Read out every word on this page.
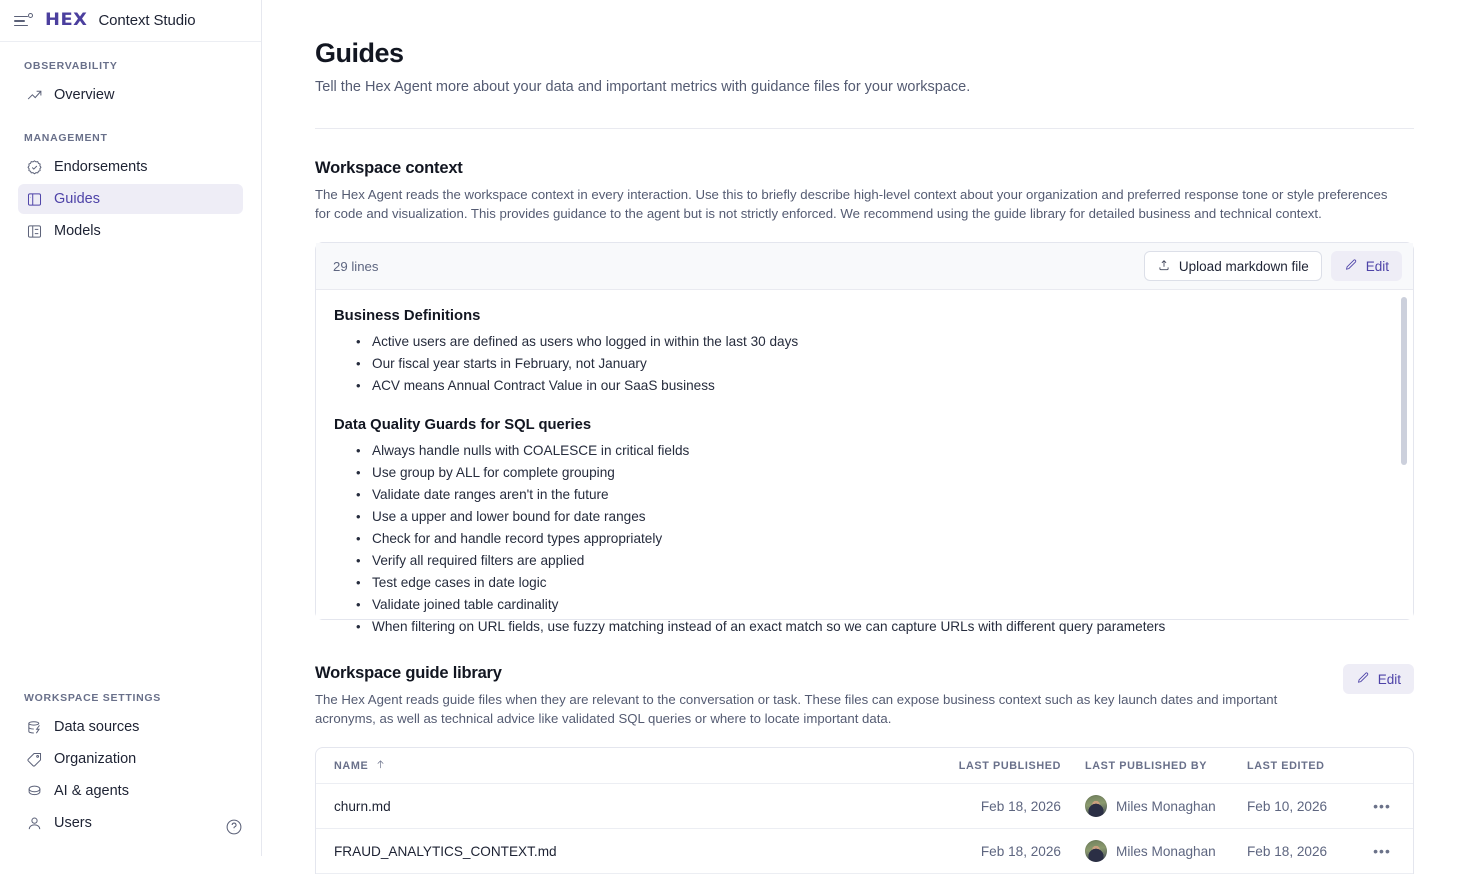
HEX Context Studio
OBSERVABILITY
Overview
MANAGEMENT
Endorsements
Guides
Models
WORKSPACE SETTINGS
Data sources
Organization
AI & agents
Users
Guides

Tell the Hex Agent more about your data and important metrics with guidance files for your workspace.

Workspace context

The Hex Agent reads the workspace context in every interaction. Use this to briefly describe high-level context about your organization and preferred response tone or style preferences for code and visualization. This provides guidance to the agent but is not strictly enforced. We recommend using the guide library for detailed business and technical context.

29 lines	Upload markdown file	Edit
Business Definitions
• Active users are defined as users who logged in within the last 30 days
• Our fiscal year starts in February, not January
• ACV means Annual Contract Value in our SaaS business
Data Quality Guards for SQL queries
• Always handle nulls with COALESCE in critical fields
• Use group by ALL for complete grouping
• Validate date ranges aren't in the future
• Use a upper and lower bound for date ranges
• Check for and handle record types appropriately
• Verify all required filters are applied
• Test edge cases in date logic
• Validate joined table cardinality
• When filtering on URL fields, use fuzzy matching instead of an exact match so we can capture URLs with different query parameters
Workspace guide library

The Hex Agent reads guide files when they are relevant to the conversation or task. These files can expose business context such as key launch dates and important acronyms, as well as technical advice like validated SQL queries or where to locate important data.

Edit
NAME	LAST PUBLISHED	LAST PUBLISHED BY	LAST EDITED
churn.md	Feb 18, 2026	Miles Monaghan Feb 10, 2026	•••
FRAUD_ANALYTICS_CONTEXT.md	Feb 18, 2026	Miles Monaghan Feb 18, 2026	•••
